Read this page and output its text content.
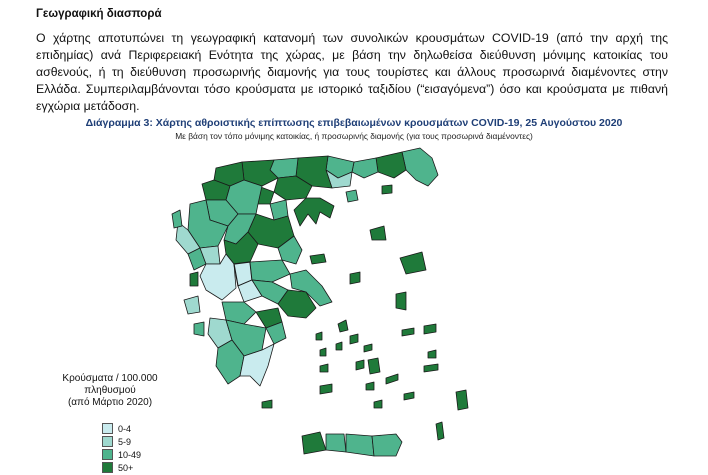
Γεωγραφική διασπορά
Ο χάρτης αποτυπώνει τη γεωγραφική κατανομή των συνολικών κρουσμάτων COVID-19 (από την αρχή της επιδημίας) ανά Περιφερειακή Ενότητα της χώρας, με βάση την δηλωθείσα διεύθυνση μόνιμης κατοικίας του ασθενούς, ή τη διεύθυνση προσωρινής διαμονής για τους τουρίστες και άλλους προσωρινά διαμένοντες στην Ελλάδα. Συμπεριλαμβάνονται τόσο κρούσματα με ιστορικό ταξιδίου (“εισαγόμενα”) όσο και κρούσματα με πιθανή εγχώρια μετάδοση.
Διάγραμμα 3: Χάρτης αθροιστικής επίπτωσης επιβεβαιωμένων κρουσμάτων COVID-19, 25 Αυγούστου 2020
Με βάση τον τόπο μόνιμης κατοικίας, ή προσωρινής διαμονής (για τους προσωρινά διαμένοντες)
Κρούσματα / 100.000 πληθυσμού
(από Μάρτιο 2020)
0-4
5-9
10-49
50+
